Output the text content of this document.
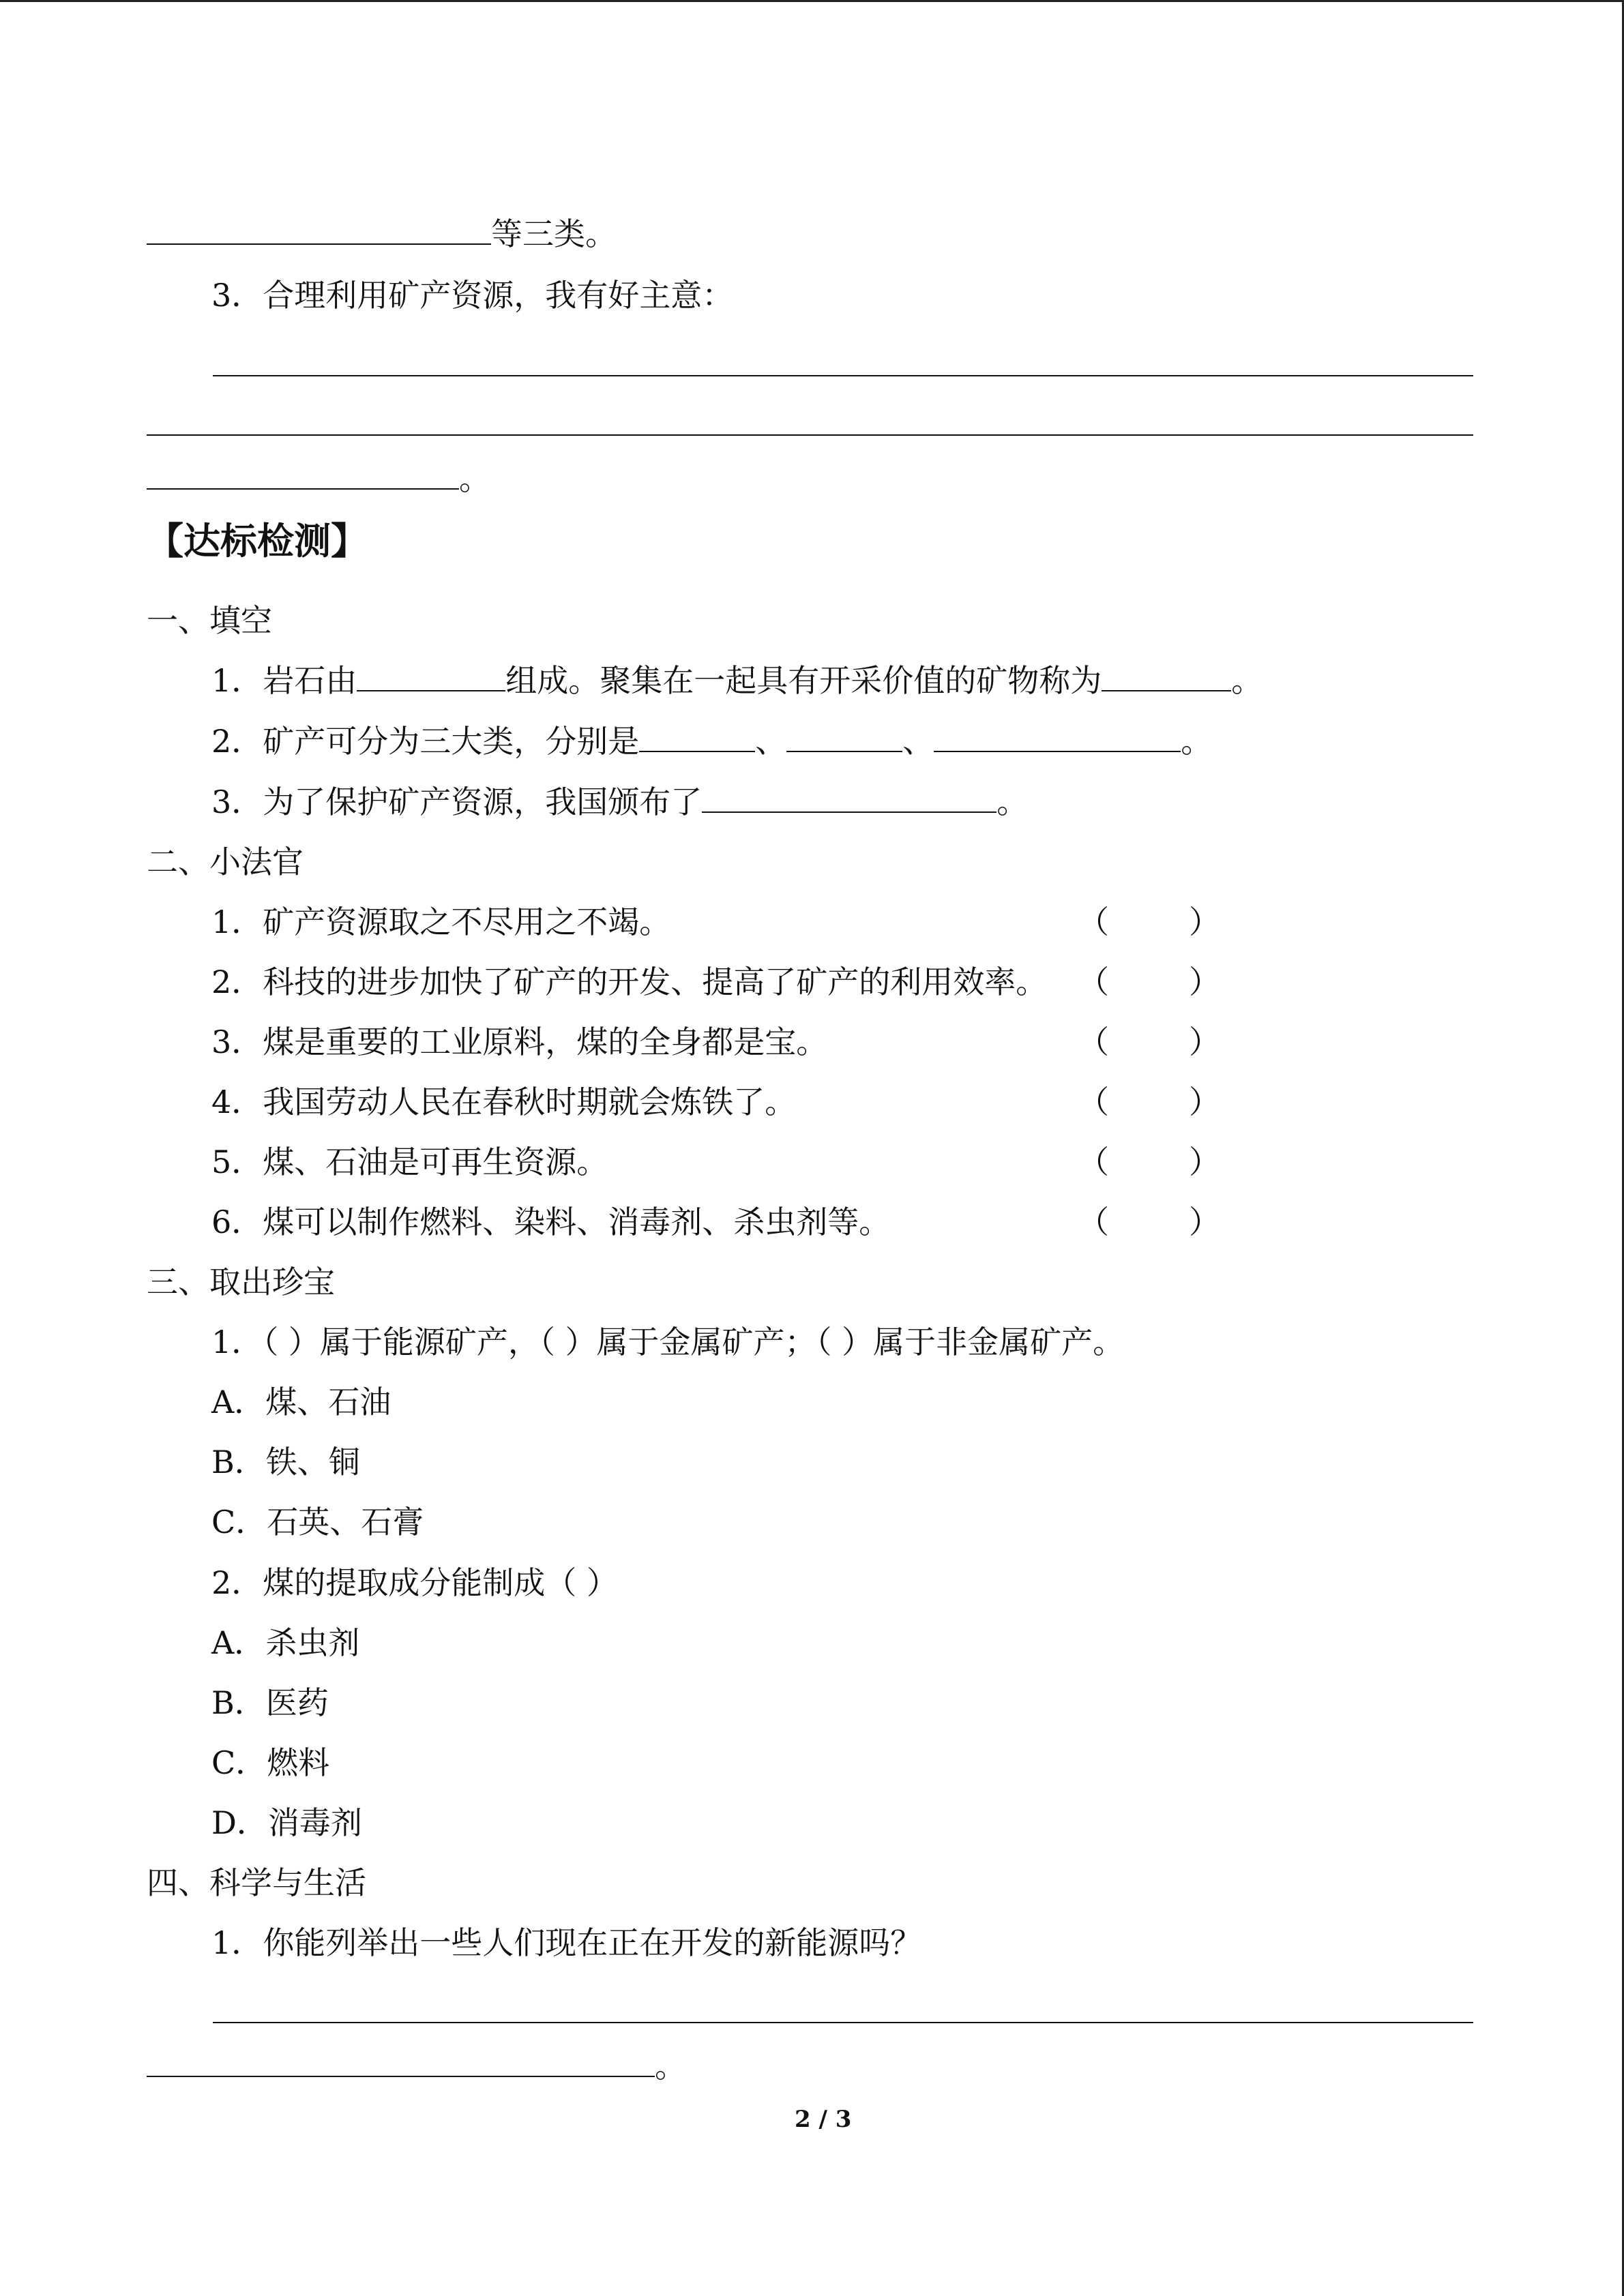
等三类。
3．合理利用矿产资源，我有好主意：
。
【达标检测】
一、填空
1．岩石由	组成。聚集在一起具有开采价值的矿物称为	。
2．矿产可分为三大类，分别是	、	、	。
3．为了保护矿产资源，我国颁布了	。
二、小法官
1．矿产资源取之不尽用之不竭。	（        ）
2．科技的进步加快了矿产的开发、提高了矿产的利用效率。 （        ）
3．煤是重要的工业原料，煤的全身都是宝。	（        ）
4．我国劳动人民在春秋时期就会炼铁了。	（        ）
5．煤、石油是可再生资源。	（        ）
6．煤可以制作燃料、染料、消毒剂、杀虫剂等。	（        ）
三、取出珍宝
1．（ ）属于能源矿产，（ ）属于金属矿产；（ ）属于非金属矿产。
A．煤、石油
B．铁、铜
C．石英、石膏
2．煤的提取成分能制成（ ）
A．杀虫剂
B．医药
C．燃料
D．消毒剂
四、科学与生活
1．你能列举出一些人们现在正在开发的新能源吗？
。
2 / 3
